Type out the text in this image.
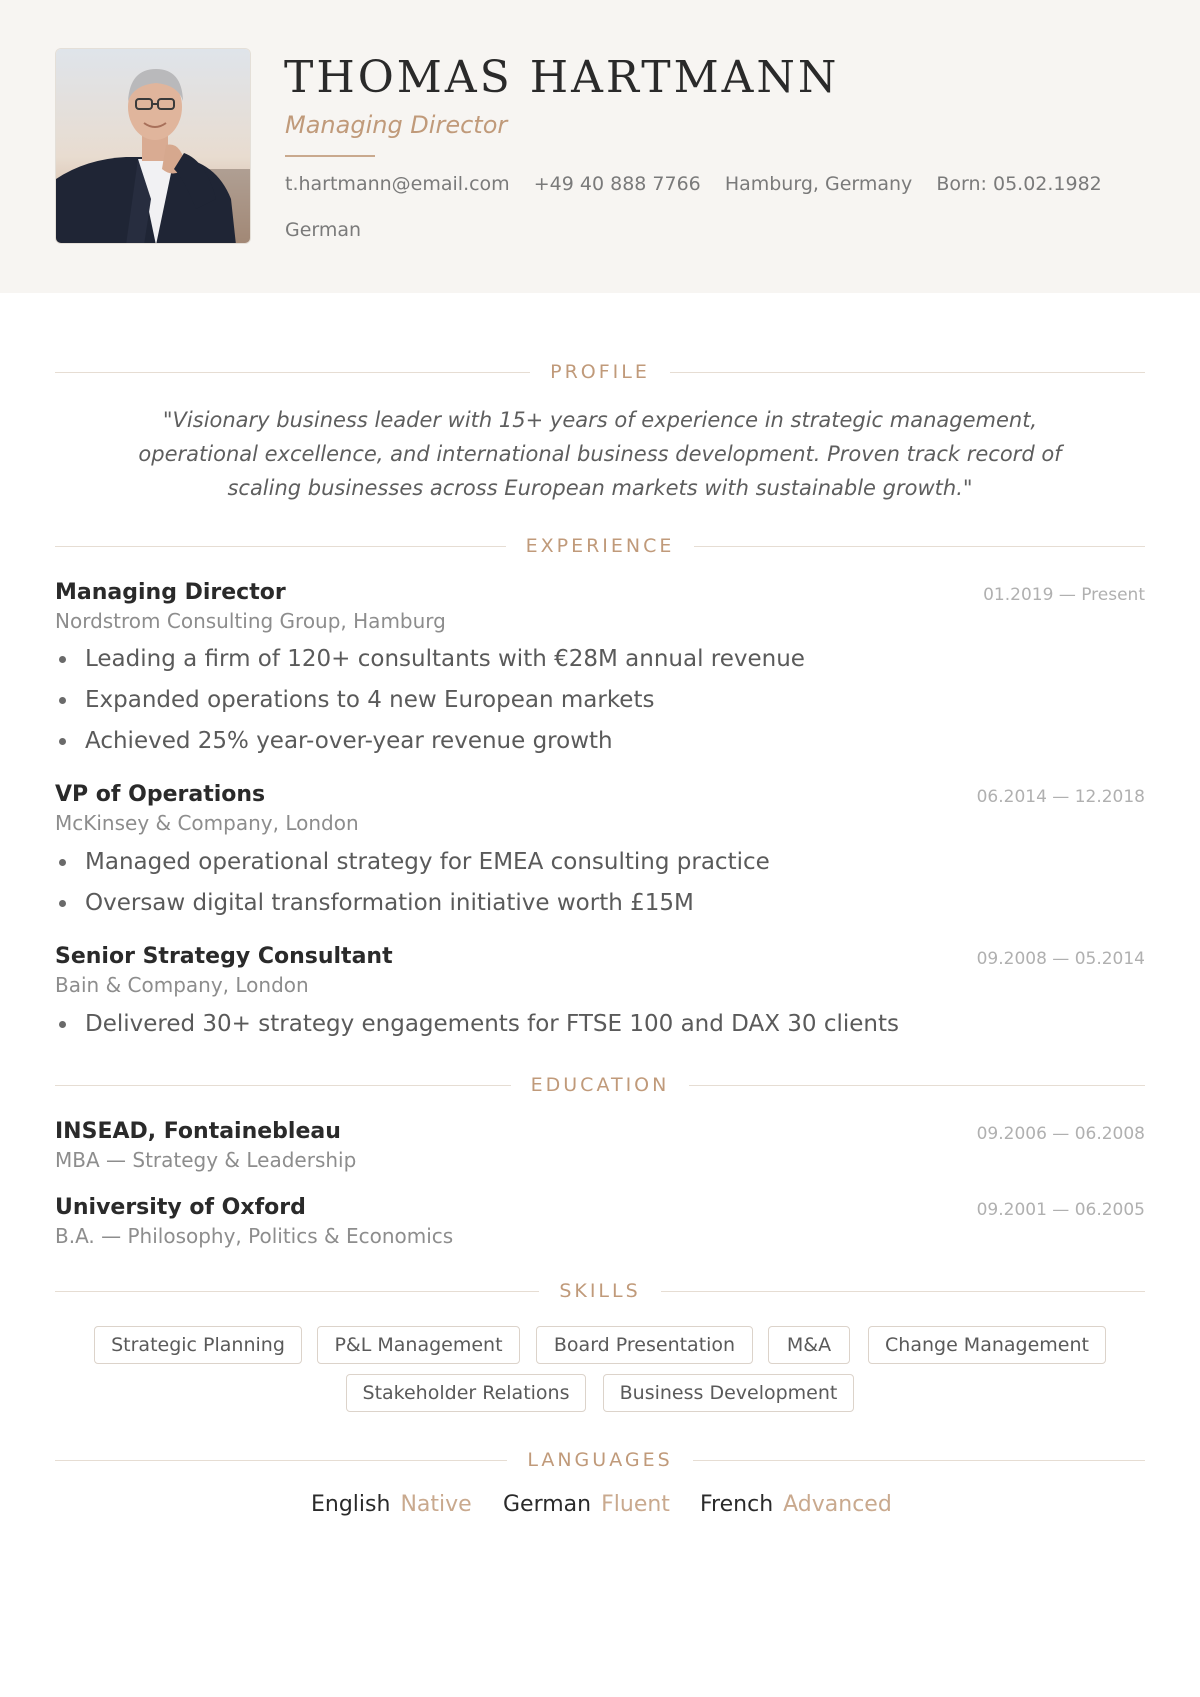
THOMAS HARTMANN
Managing Director
t.hartmann@email.com +49 40 888 7766 Hamburg, Germany Born: 05.02.1982
German
PROFILE
"Visionary business leader with 15+ years of experience in strategic management, operational excellence, and international business development. Proven track record of scaling businesses across European markets with sustainable growth."
EXPERIENCE
Managing Director	01.2019 — Present
Nordstrom Consulting Group, Hamburg
Leading a firm of 120+ consultants with €28M annual revenue
Expanded operations to 4 new European markets
Achieved 25% year-over-year revenue growth
VP of Operations	06.2014 — 12.2018
McKinsey & Company, London
Managed operational strategy for EMEA consulting practice
Oversaw digital transformation initiative worth £15M
Senior Strategy Consultant	09.2008 — 05.2014
Bain & Company, London
Delivered 30+ strategy engagements for FTSE 100 and DAX 30 clients
EDUCATION
INSEAD, Fontainebleau	09.2006 — 06.2008
MBA — Strategy & Leadership
University of Oxford	09.2001 — 06.2005
B.A. — Philosophy, Politics & Economics
SKILLS
Strategic Planning	P&L Management	Board Presentation	M&A	Change Management
Stakeholder Relations	Business Development
LANGUAGES
English Native German Fluent French Advanced
